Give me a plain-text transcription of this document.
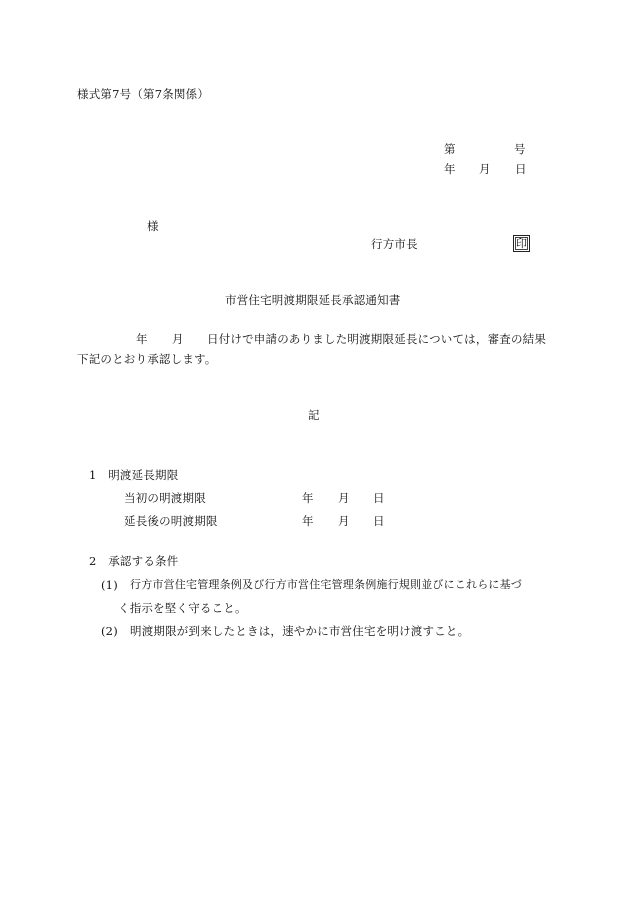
様式第7号（第7条関係）
第	号
年 月 日
様
行方市長	印
市営住宅明渡期限延長承認通知書
年 月 日付けで申請のありました明渡期限延長については，審査の結果
下記のとおり承認します。
記
1　明渡延長期限
当初の明渡期限	年 月 日
延長後の明渡期限	年 月 日
2　承認する条件
(1) 行方市営住宅管理条例及び行方市営住宅管理条例施行規則並びにこれらに基づ
く指示を堅く守ること。
(2) 明渡期限が到来したときは，速やかに市営住宅を明け渡すこと。
